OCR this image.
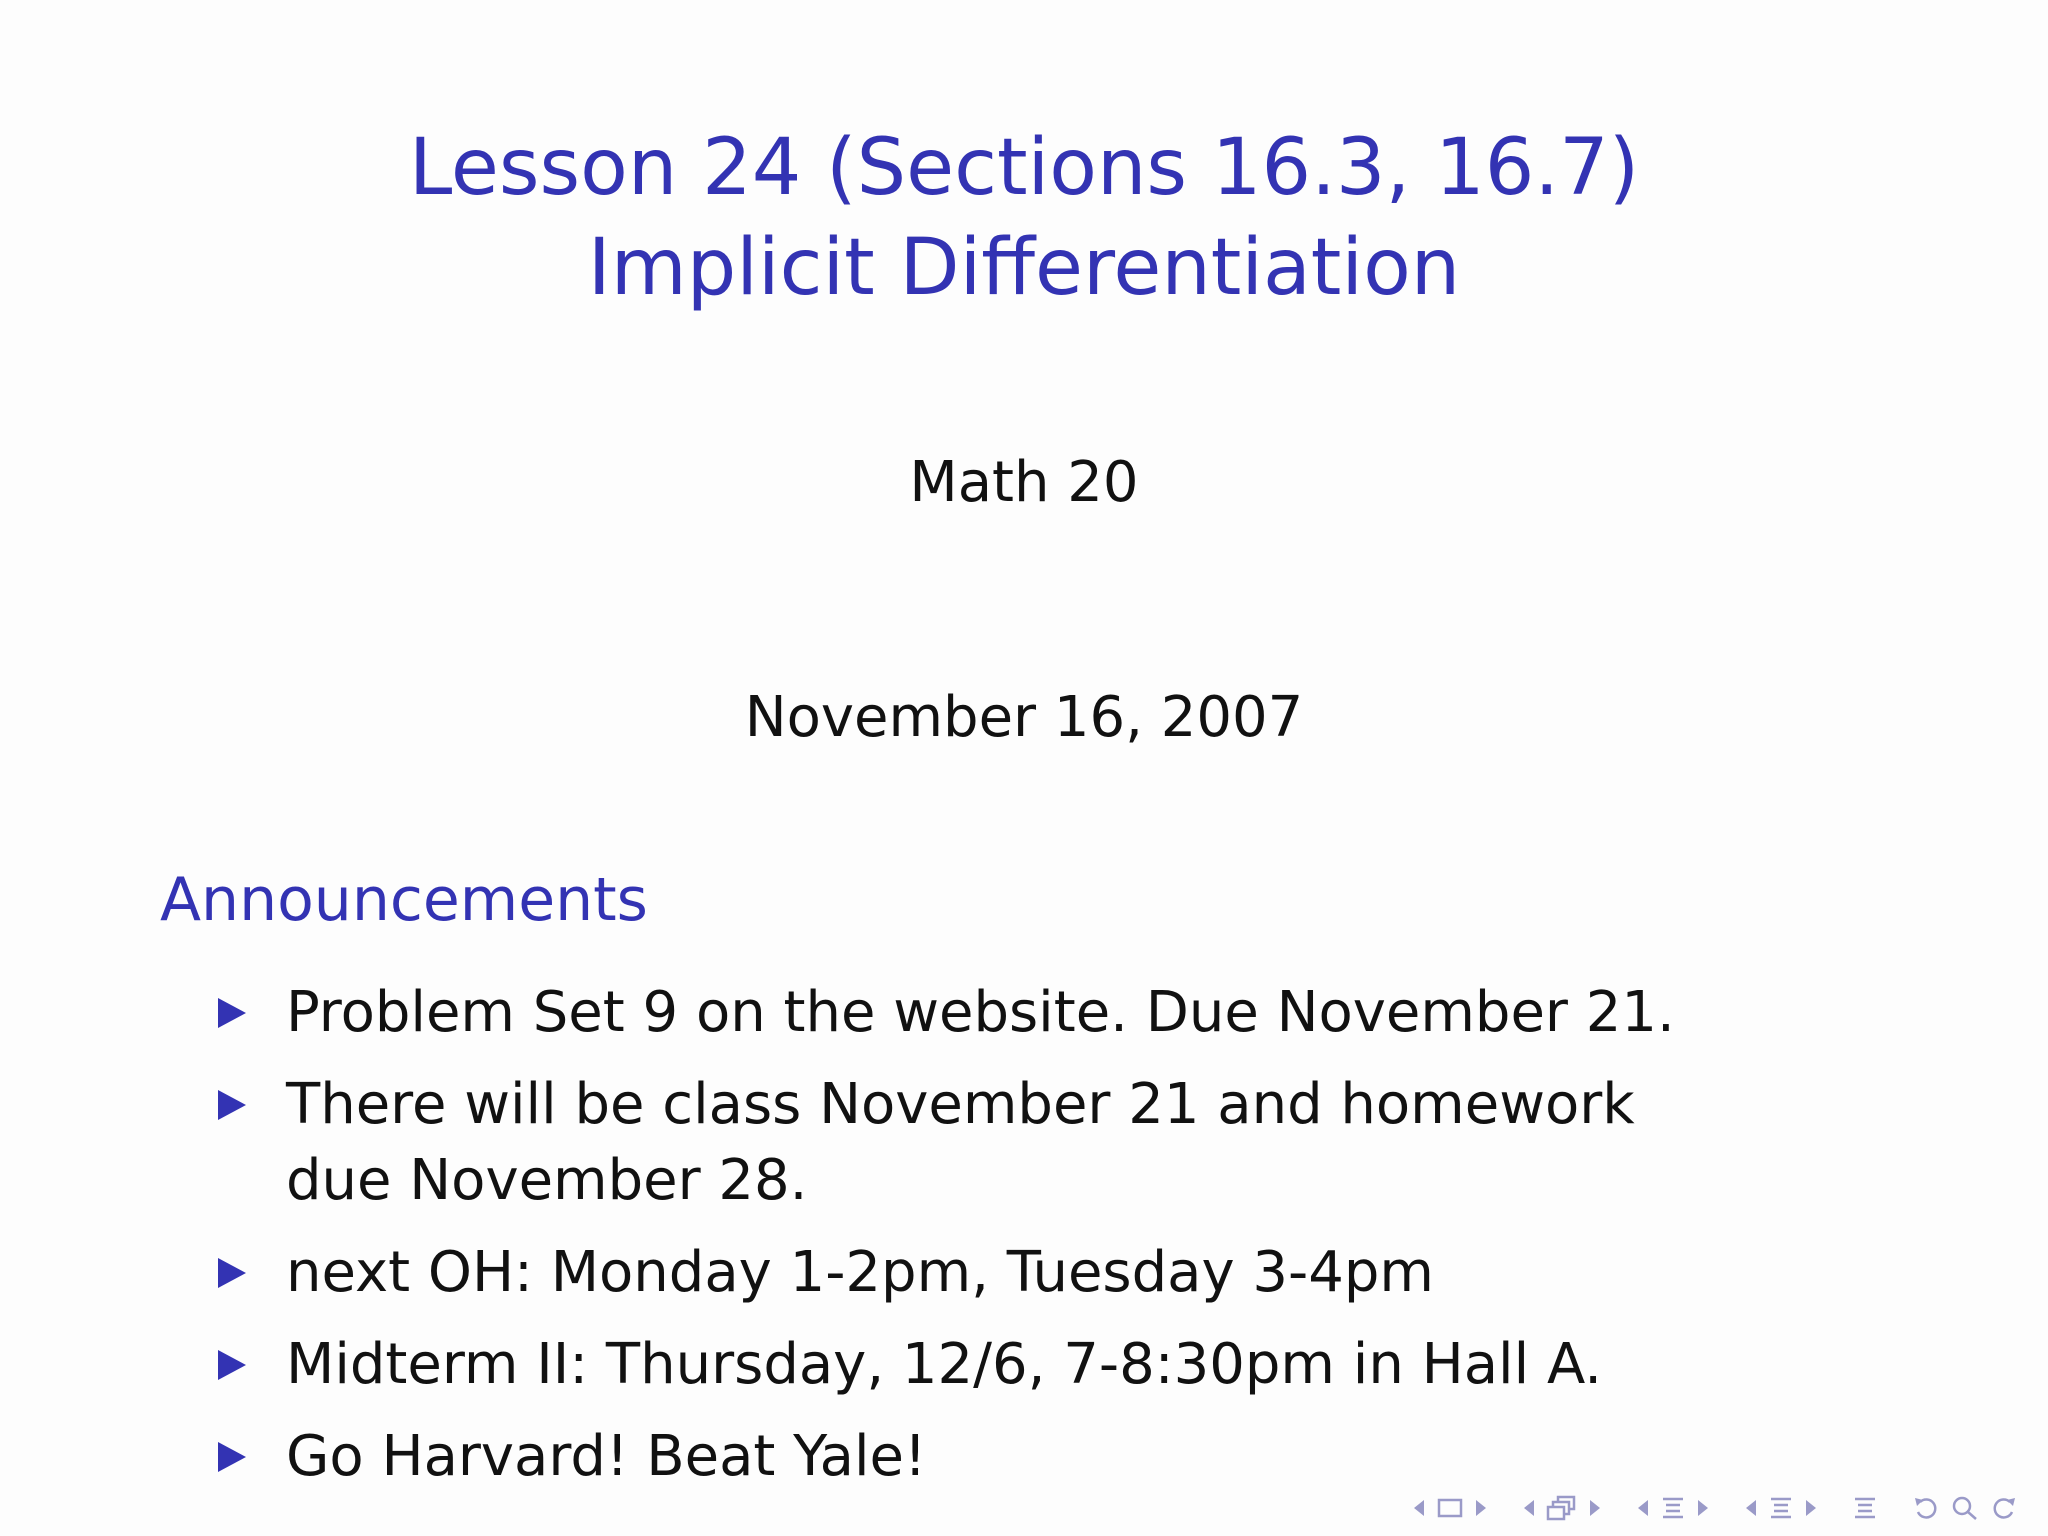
Lesson 24 (Sections 16.3, 16.7)
Implicit Differentiation
Math 20
November 16, 2007
Announcements
Problem Set 9 on the website. Due November 21.
There will be class November 21 and homework due November 28.
next OH: Monday 1-2pm, Tuesday 3-4pm
Midterm II: Thursday, 12/6, 7-8:30pm in Hall A.
Go Harvard! Beat Yale!
